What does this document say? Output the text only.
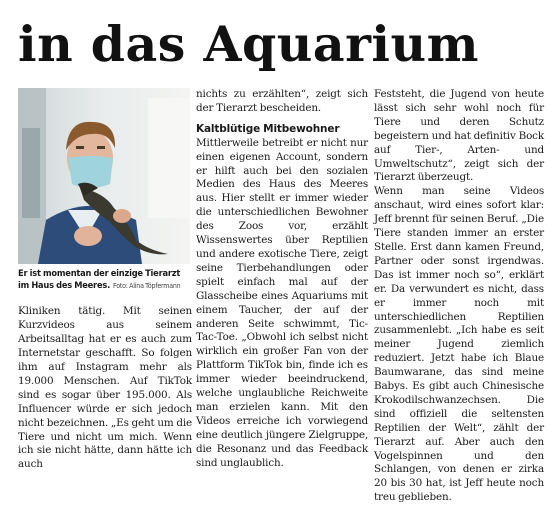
in das Aquarium
Er ist momentan der einzige Tierarzt
im Haus des Meeres. Foto: Alina Töpfermann

Kliniken tätig. Mit seinen Kurzvideos aus seinem Arbeitsalltag hat er es auch zum Internetstar geschafft. So folgen ihm auf Instagram mehr als 19.000 Menschen. Auf TikTok sind es sogar über 195.000. Als Influencer würde er sich jedoch nicht bezeichnen. „Es geht um die Tiere und nicht um mich. Wenn ich sie nicht hätte, dann hätte ich auch

nichts zu erzählten“, zeigt sich der Tierarzt bescheiden.

Kaltblütige Mitbewohner

Mittlerweile betreibt er nicht nur einen eigenen Account, sondern er hilft auch bei den sozialen Medien des Haus des Meeres aus. Hier stellt er immer wieder die unterschiedlichen Bewohner des Zoos vor, erzählt Wissenswertes über Reptilien und andere exotische Tiere, zeigt seine Tierbehandlungen oder spielt einfach mal auf der Glasscheibe eines Aquariums mit einem Taucher, der auf der anderen Seite schwimmt, Tic-Tac-Toe. „Obwohl ich selbst nicht wirklich ein großer Fan von der Plattform TikTok bin, finde ich es immer wieder beeindruckend, welche unglaubliche Reichweite man erzielen kann. Mit den Videos erreiche ich vorwiegend eine deutlich jüngere Zielgruppe, die Resonanz und das Feedback sind unglaublich.

Feststeht, die Jugend von heute lässt sich sehr wohl noch für Tiere und deren Schutz begeistern und hat definitiv Bock auf Tier-, Arten- und Umweltschutz“, zeigt sich der Tierarzt überzeugt.

Wenn man seine Videos anschaut, wird eines sofort klar: Jeff brennt für seinen Beruf. „Die Tiere standen immer an erster Stelle. Erst dann kamen Freund, Partner oder sonst irgendwas. Das ist immer noch so“, erklärt er. Da verwundert es nicht, dass er immer noch mit unterschiedlichen Reptilien zusammenlebt. „Ich habe es seit meiner Jugend ziemlich reduziert. Jetzt habe ich Blaue Baumwarane, das sind meine Babys. Es gibt auch Chinesische Krokodilschwanzechsen. Die sind offiziell die seltensten Reptilien der Welt“, zählt der Tierarzt auf. Aber auch den Vogelspinnen und den Schlangen, von denen er zirka 20 bis 30 hat, ist Jeff heute noch treu geblieben.
